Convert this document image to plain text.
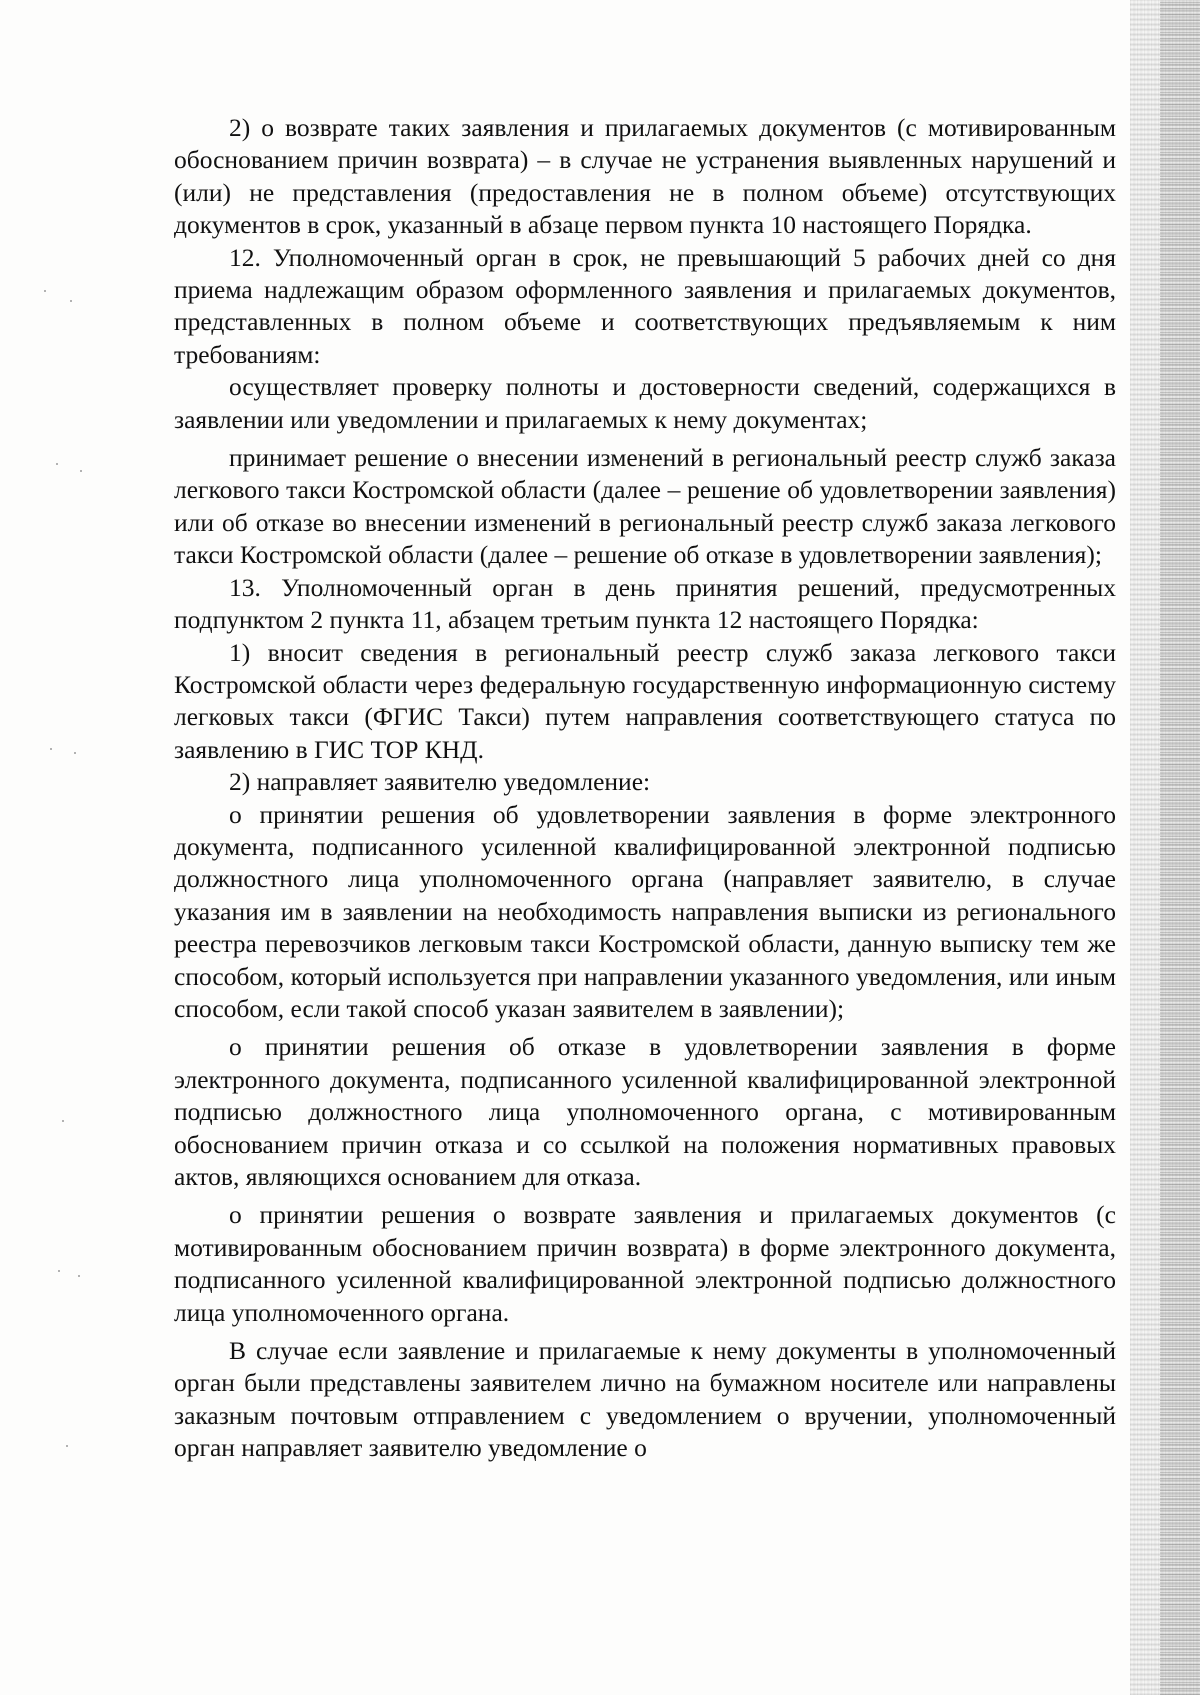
2) о возврате таких заявления и прилагаемых документов (с мотивированным обоснованием причин возврата) – в случае не устранения выявленных нарушений и (или) не представления (предоставления не в полном объеме) отсутствующих документов в срок, указанный в абзаце первом пункта 10 настоящего Порядка.

12. Уполномоченный орган в срок, не превышающий 5 рабочих дней со дня приема надлежащим образом оформленного заявления и прилагаемых документов, представленных в полном объеме и соответствующих предъявляемым к ним требованиям:

осуществляет проверку полноты и достоверности сведений, содержащихся в заявлении или уведомлении и прилагаемых к нему документах;

принимает решение о внесении изменений в региональный реестр служб заказа легкового такси Костромской области (далее – решение об удовлетворении заявления) или об отказе во внесении изменений в региональный реестр служб заказа легкового такси Костромской области (далее – решение об отказе в удовлетворении заявления);

13. Уполномоченный орган в день принятия решений, предусмотренных подпунктом 2 пункта 11, абзацем третьим пункта 12 настоящего Порядка:

1) вносит сведения в региональный реестр служб заказа легкового такси Костромской области через федеральную государственную информационную систему легковых такси (ФГИС Такси) путем направления соответствующего статуса по заявлению в ГИС ТОР КНД.

2) направляет заявителю уведомление:

о принятии решения об удовлетворении заявления в форме электронного документа, подписанного усиленной квалифицированной электронной подписью должностного лица уполномоченного органа (направляет заявителю, в случае указания им в заявлении на необходимость направления выписки из регионального реестра перевозчиков легковым такси Костромской области, данную выписку тем же способом, который используется при направлении указанного уведомления, или иным способом, если такой способ указан заявителем в заявлении);

о принятии решения об отказе в удовлетворении заявления в форме электронного документа, подписанного усиленной квалифицированной электронной подписью должностного лица уполномоченного органа, с мотивированным обоснованием причин отказа и со ссылкой на положения нормативных правовых актов, являющихся основанием для отказа.

о принятии решения о возврате заявления и прилагаемых документов (с мотивированным обоснованием причин возврата) в форме электронного документа, подписанного усиленной квалифицированной электронной подписью должностного лица уполномоченного органа.

В случае если заявление и прилагаемые к нему документы в уполномоченный орган были представлены заявителем лично на бумажном носителе или направлены заказным почтовым отправлением с уведомлением о вручении, уполномоченный орган направляет заявителю уведомление о
